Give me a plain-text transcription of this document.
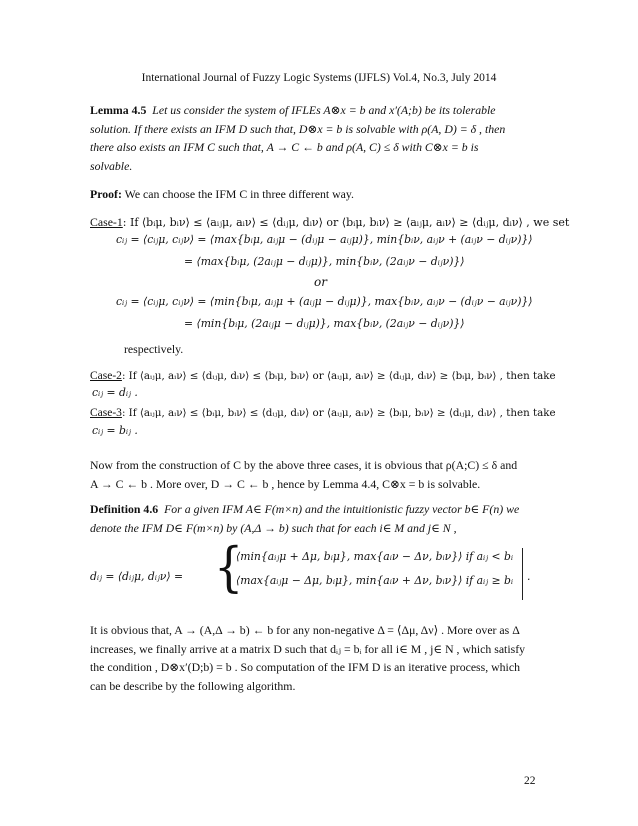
International Journal of Fuzzy Logic Systems (IJFLS) Vol.4, No.3, July 2014
Lemma 4.5 Let us consider the system of IFLEs A⊗x = b and x′(A;b) be its tolerable
solution. If there exists an IFM D such that, D⊗x = b is solvable with ρ(A, D) = δ , then
there also exists an IFM C such that, A → C ← b and ρ(A, C) ≤ δ with C⊗x = b is
solvable.
Proof: We can choose the IFM C in three different way.
Case-1: If ⟨bᵢμ, bᵢν⟩ ≤ ⟨aᵢⱼμ, aᵢν⟩ ≤ ⟨dᵢⱼμ, dᵢν⟩ or ⟨bᵢμ, bᵢν⟩ ≥ ⟨aᵢⱼμ, aᵢν⟩ ≥ ⟨dᵢⱼμ, dᵢν⟩ , we set
cᵢⱼ = ⟨cᵢⱼμ, cᵢⱼν⟩ = ⟨max{bᵢμ, aᵢⱼμ − (dᵢⱼμ − aᵢⱼμ)}, min{bᵢν, aᵢⱼν + (aᵢⱼν − dᵢⱼν)}⟩
= ⟨max{bᵢμ, (2aᵢⱼμ − dᵢⱼμ)}, min{bᵢν, (2aᵢⱼν − dᵢⱼν)}⟩
or
cᵢⱼ = ⟨cᵢⱼμ, cᵢⱼν⟩ = ⟨min{bᵢμ, aᵢⱼμ + (aᵢⱼμ − dᵢⱼμ)}, max{bᵢν, aᵢⱼν − (dᵢⱼν − aᵢⱼν)}⟩
= ⟨min{bᵢμ, (2aᵢⱼμ − dᵢⱼμ)}, max{bᵢν, (2aᵢⱼν − dᵢⱼν)}⟩
respectively.
Case-2: If ⟨aᵢⱼμ, aᵢν⟩ ≤ ⟨dᵢⱼμ, dᵢν⟩ ≤ ⟨bᵢμ, bᵢν⟩ or ⟨aᵢⱼμ, aᵢν⟩ ≥ ⟨dᵢⱼμ, dᵢν⟩ ≥ ⟨bᵢμ, bᵢν⟩ , then take
cᵢⱼ = dᵢⱼ .
Case-3: If ⟨aᵢⱼμ, aᵢν⟩ ≤ ⟨bᵢμ, bᵢν⟩ ≤ ⟨dᵢⱼμ, dᵢν⟩ or ⟨aᵢⱼμ, aᵢν⟩ ≥ ⟨bᵢμ, bᵢν⟩ ≥ ⟨dᵢⱼμ, dᵢν⟩ , then take
cᵢⱼ = bᵢⱼ .
Now from the construction of C by the above three cases, it is obvious that ρ(A;C) ≤ δ and
A → C ← b . More over, D → C ← b , hence by Lemma 4.4, C⊗x = b is solvable.
Definition 4.6 For a given IFM A∈ F(m×n) and the intuitionistic fuzzy vector b∈ F(n) we
denote the IFM D∈ F(m×n) by (A,Δ → b) such that for each i∈ M and j∈ N ,
dᵢⱼ = ⟨dᵢⱼμ, dᵢⱼν⟩ = {
⟨min{aᵢⱼμ + Δμ, bᵢμ}, max{aᵢν − Δν, bᵢν}⟩ if aᵢⱼ < bᵢ
⟨max{aᵢⱼμ − Δμ, bᵢμ}, min{aᵢν + Δν, bᵢν}⟩ if aᵢⱼ ≥ bᵢ .
It is obvious that, A → (A,Δ → b) ← b for any non-negative Δ = ⟨Δμ, Δν⟩ . More over as Δ
increases, we finally arrive at a matrix D such that dᵢⱼ = bᵢ for all i∈ M , j∈ N , which satisfy
the condition , D⊗x′(D;b) = b . So computation of the IFM D is an iterative process, which
can be describe by the following algorithm.
22
